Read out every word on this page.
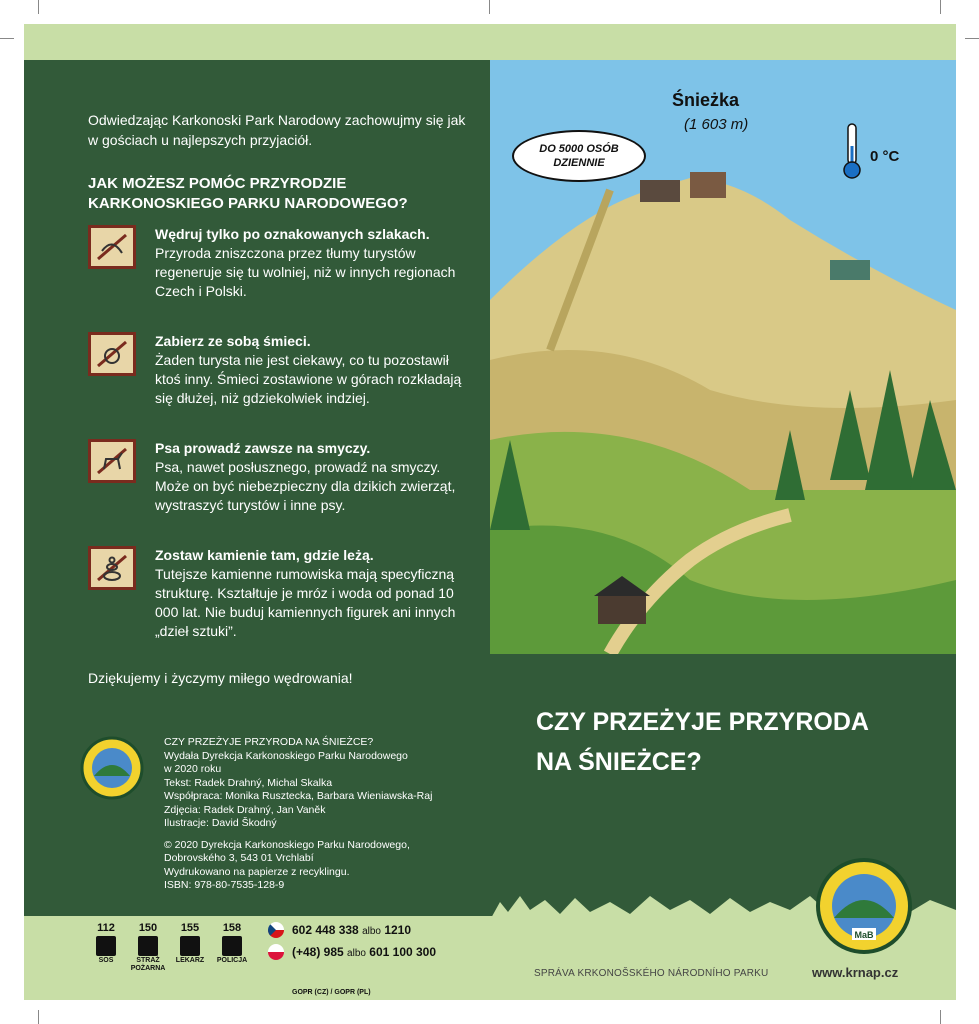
Śnieżka
(1 603 m)
DO 5000 OSÓB DZIENNIE	0 °C

Odwiedzając Karkonoski Park Narodowy zachowujmy się jak w gościach u najlepszych przyjaciół.

JAK MOŻESZ POMÓC PRZYRODZIE KARKONOSKIEGO PARKU NARODOWEGO?

Wędruj tylko po oznakowanych szlakach.
Przyroda zniszczona przez tłumy turystów regeneruje się tu wolniej, niż w innych regionach Czech i Polski.
Zabierz ze sobą śmieci.
Żaden turysta nie jest ciekawy, co tu pozostawił ktoś inny. Śmieci zostawione w górach rozkładają się dłużej, niż gdziekolwiek indziej.
Psa prowadź zawsze na smyczy.
Psa, nawet posłusznego, prowadź na smyczy. Może on być niebezpieczny dla dzikich zwierząt, wystraszyć turystów i inne psy.
Zostaw kamienie tam, gdzie leżą.
Tutejsze kamienne rumowiska mają specyficzną strukturę. Kształtuje je mróz i woda od ponad 10 000 lat. Nie buduj kamiennych figurek ani innych „dzieł sztuki”.

Dziękujemy i życzymy miłego wędrowania!

CZY PRZEŻYJE PRZYRODA NA ŚNIEŻCE?
Wydała Dyrekcja Karkonoskiego Parku Narodowego
w 2020 roku
Tekst: Radek Drahný, Michal Skalka
Współpraca: Monika Rusztecka, Barbara Wieniawska-Raj
Zdjęcia: Radek Drahný, Jan Vaněk
Ilustracje: David Škodný
© 2020 Dyrekcja Karkonoskiego Parku Narodowego,
Dobrovského 3, 543 01 Vrchlabí
Wydrukowano na papierze z recyklingu.
ISBN: 978-80-7535-128-9

CZY PRZEŻYJE PRZYRODA
NA ŚNIEŻCE?

MaB
112
SOS
150
STRAŻ POŻARNA
155
LEKARZ
158
POLICJA
602 448 338 albo 1210
(+48) 985 albo 601 100 300
GOPR (CZ) / GOPR (PL)
SPRÁVA KRKONOŠSKÉHO NÁRODNÍHO PARKU	www.krnap.cz
